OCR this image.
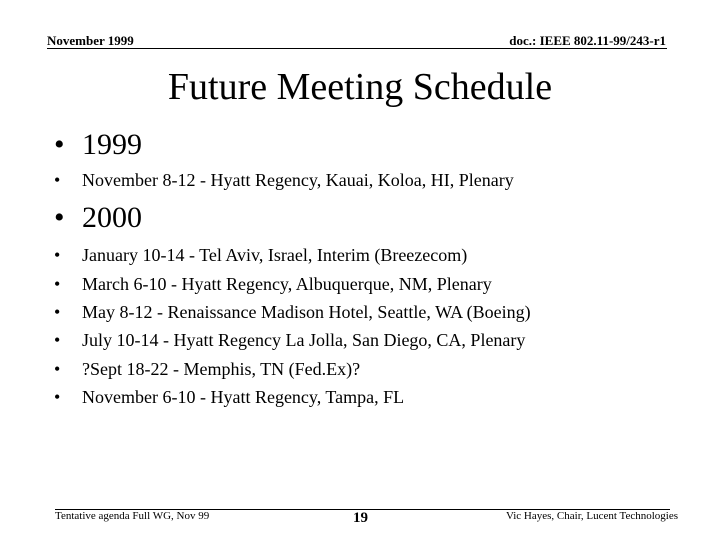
November 1999	doc.: IEEE 802.11-99/243-r1
Future Meeting Schedule
• 1999
•	November 8-12 - Hyatt Regency, Kauai, Koloa, HI, Plenary
• 2000
•	January 10-14 - Tel Aviv, Israel, Interim (Breezecom)
•	March 6-10 - Hyatt Regency, Albuquerque, NM, Plenary
•	May 8-12 - Renaissance Madison Hotel, Seattle, WA (Boeing)
•	July 10-14 - Hyatt Regency La Jolla, San Diego, CA, Plenary
•	?Sept 18-22 - Memphis, TN (Fed.Ex)?
•	November 6-10 - Hyatt Regency, Tampa, FL
Tentative agenda Full WG, Nov 99	19	Vic Hayes, Chair, Lucent Technologies
